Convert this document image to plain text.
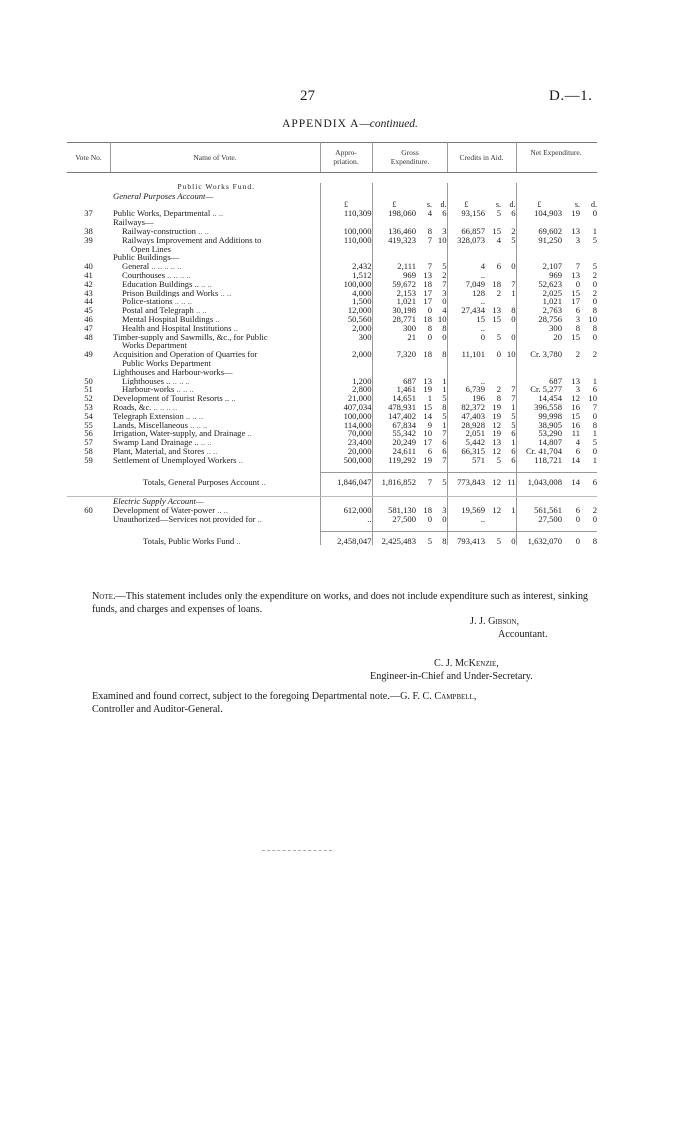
27	D.—1.
APPENDIX A—continued.
Vote No.	Name of Vote.
Appro-priation.
Gross Expenditure.	Credits in Aid.
Net Expenditure.
	Public Works Fund.										
	General Purposes Account—										
		£	£	s.	d.	£	s.	d.	£	s.	d.
37	Public Works, Departmental .. ..	110,309	198,060	4	6	93,156	5	6	104,903	19	0
	Railways—										
38	Railway-construction .. ..	100,000	136,460	8	3	66,857	15	2	69,602	13	1
39	Railways Improvement and Additions to	110,000	419,323	7	10	328,073	4	5	91,250	3	5
	Open Lines										
	Public Buildings—										
40	General .. .. .. .. ..	2,432	2,111	7	5	4	6	0	2,107	7	5
41	Courthouses .. .. .. ..	1,512	969	13	2	..			969	13	2
42	Education Buildings .. .. ..	100,000	59,672	18	7	7,049	18	7	52,623	0	0
43	Prison Buildings and Works .. ..	4,000	2,153	17	3	128	2	1	2,025	15	2
44	Police-stations .. .. ..	1,500	1,021	17	0	..			1,021	17	0
45	Postal and Telegraph .. ..	12,000	30,198	0	4	27,434	13	8	2,763	6	8
46	Mental Hospital Buildings ..	50,560	28,771	18	10	15	15	0	28,756	3	10
47	Health and Hospital Institutions ..	2,000	300	8	8	..			300	8	8
48	Timber-supply and Sawmills, &c., for Public	300	21	0	0	0	5	0	20	15	0
	Works Department										
49	Acquisition and Operation of Quarries for	2,000	7,320	18	8	11,101	0	10	Cr. 3,780	2	2
	Public Works Department										
	Lighthouses and Harbour-works—										
50	Lighthouses .. .. .. ..	1,200	687	13	1	..			687	13	1
51	Harbour-works .. .. ..	2,800	1,461	19	1	6,739	2	7	Cr. 5,277	3	6
52	Development of Tourist Resorts .. ..	21,000	14,651	1	5	196	8	7	14,454	12	10
53	Roads, &c. .. .. .. ..	407,034	478,931	15	8	82,372	19	1	396,558	16	7
54	Telegraph Extension .. .. ..	100,000	147,402	14	5	47,403	19	5	99,998	15	0
55	Lands, Miscellaneous .. .. ..	114,000	67,834	9	1	28,928	12	5	38,905	16	8
56	Irrigation, Water-supply, and Drainage ..	70,000	55,342	10	7	2,051	19	6	53,290	11	1
57	Swamp Land Drainage .. .. ..	23,400	20,249	17	6	5,442	13	1	14,807	4	5
58	Plant, Material, and Stores .. ..	20,000	24,611	6	6	66,315	12	6	Cr. 41,704	6	0
59	Settlement of Unemployed Workers ..	500,000	119,292	19	7	571	5	6	118,721	14	1

	Totals, General Purposes Account ..	1,846,047	1,816,852	7	5	773,843	12	11	1,043,008	14	6

	Electric Supply Account—										
60	Development of Water-power .. ..	612,000	581,130	18	3	19,569	12	1	561,561	6	2
	Unauthorized—Services not provided for ..	..	27,500	0	0	..			27,500	0	0

	Totals, Public Works Fund ..	2,458,047	2,425,483	5	8	793,413	5	0	1,632,070	0	8
Note.—This statement includes only the expenditure on works, and does not include expenditure such as interest, sinking funds, and charges and expenses of loans.
J. J. Gibson,
Accountant.
C. J. McKenzie,
Engineer-in-Chief and Under-Secretary.
Examined and found correct, subject to the foregoing Departmental note.—G. F. C. Campbell,
Controller and Auditor-General.
